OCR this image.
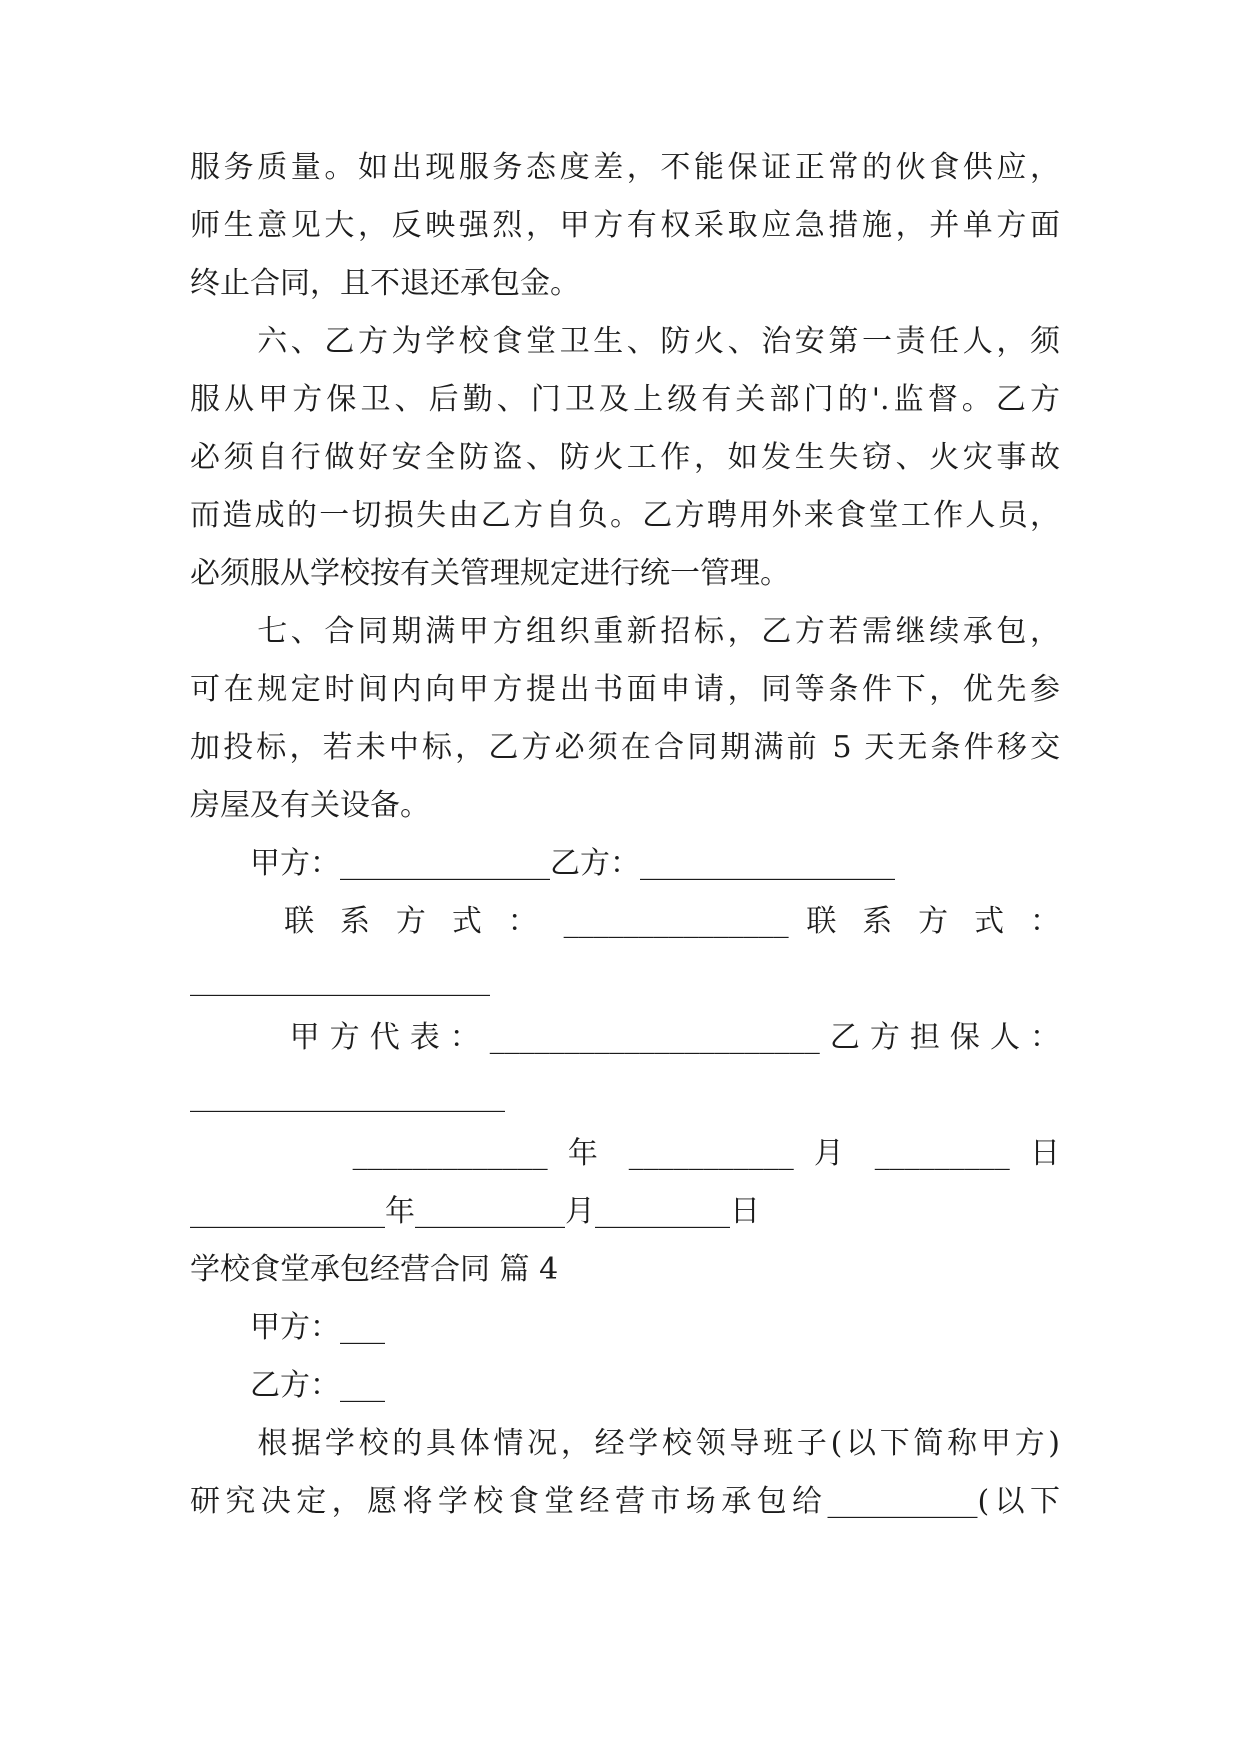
服务质量。如出现服务态度差，不能保证正常的伙食供应，
师生意见大，反映强烈，甲方有权采取应急措施，并单方面
终止合同，且不退还承包金。
　　六、乙方为学校食堂卫生、防火、治安第一责任人，须
服从甲方保卫、后勤、门卫及上级有关部门的'.监督。乙方
必须自行做好安全防盗、防火工作，如发生失窃、火灾事故
而造成的一切损失由乙方自负。乙方聘用外来食堂工作人员，
必须服从学校按有关管理规定进行统一管理。
　　七、合同期满甲方组织重新招标，乙方若需继续承包，
可在规定时间内向甲方提出书面申请，同等条件下，优先参
加投标，若未中标，乙方必须在合同期满前 5 天无条件移交
房屋及有关设备。
　　甲方：______________乙方：_________________
　　 联 系 方 式 ： _______________ 联 系 方 式 ：
____________________
　　 甲方代表：______________________乙方担保人：
_____________________
　　　　_____________ 年 ___________ 月 _________ 日
_____________年__________月_________日
学校食堂承包经营合同 篇 4
　　甲方：___
　　乙方：___
　　根据学校的具体情况，经学校领导班子(以下简称甲方)
研究决定，愿将学校食堂经营市场承包给__________(以下
